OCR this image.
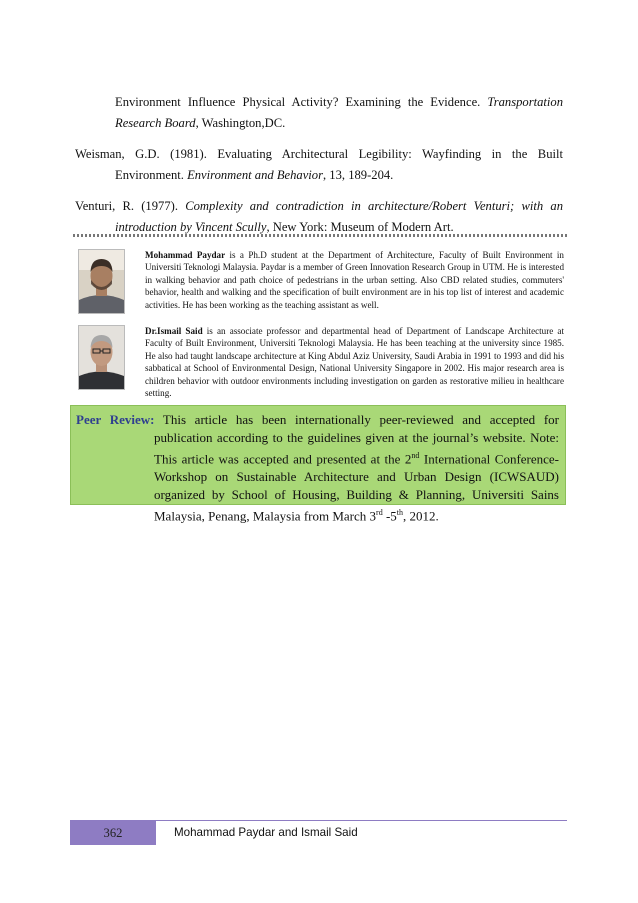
Environment Influence Physical Activity? Examining the Evidence. Transportation Research Board, Washington,DC.

Weisman, G.D. (1981). Evaluating Architectural Legibility: Wayfinding in the Built Environment. Environment and Behavior, 13, 189-204.

Venturi, R. (1977). Complexity and contradiction in architecture/Robert Venturi; with an introduction by Vincent Scully, New York: Museum of Modern Art.

Mohammad Paydar is a Ph.D student at the Department of Architecture, Faculty of Built Environment in Universiti Teknologi Malaysia. Paydar is a member of Green Innovation Research Group in UTM. He is interested in walking behavior and path choice of pedestrians in the urban setting. Also CBD related studies, commuters' behavior, health and walking and the specification of built environment are in his top list of interest and academic activities. He has been working as the teaching assistant as well.
Dr.Ismail Said is an associate professor and departmental head of Department of Landscape Architecture at Faculty of Built Environment, Universiti Teknologi Malaysia. He has been teaching at the university since 1985. He also had taught landscape architecture at King Abdul Aziz University, Saudi Arabia in 1991 to 1993 and did his sabbatical at School of Environmental Design, National University Singapore in 2002. His major research area is children behavior with outdoor environments including investigation on garden as restorative milieu in healthcare setting.
Peer Review: This article has been internationally peer-reviewed and accepted for publication according to the guidelines given at the journal’s website. Note: This article was accepted and presented at the 2nd International Conference-Workshop on Sustainable Architecture and Urban Design (ICWSAUD) organized by School of Housing, Building & Planning, Universiti Sains Malaysia, Penang, Malaysia from March 3rd -5th, 2012.
362	Mohammad Paydar and Ismail Said
